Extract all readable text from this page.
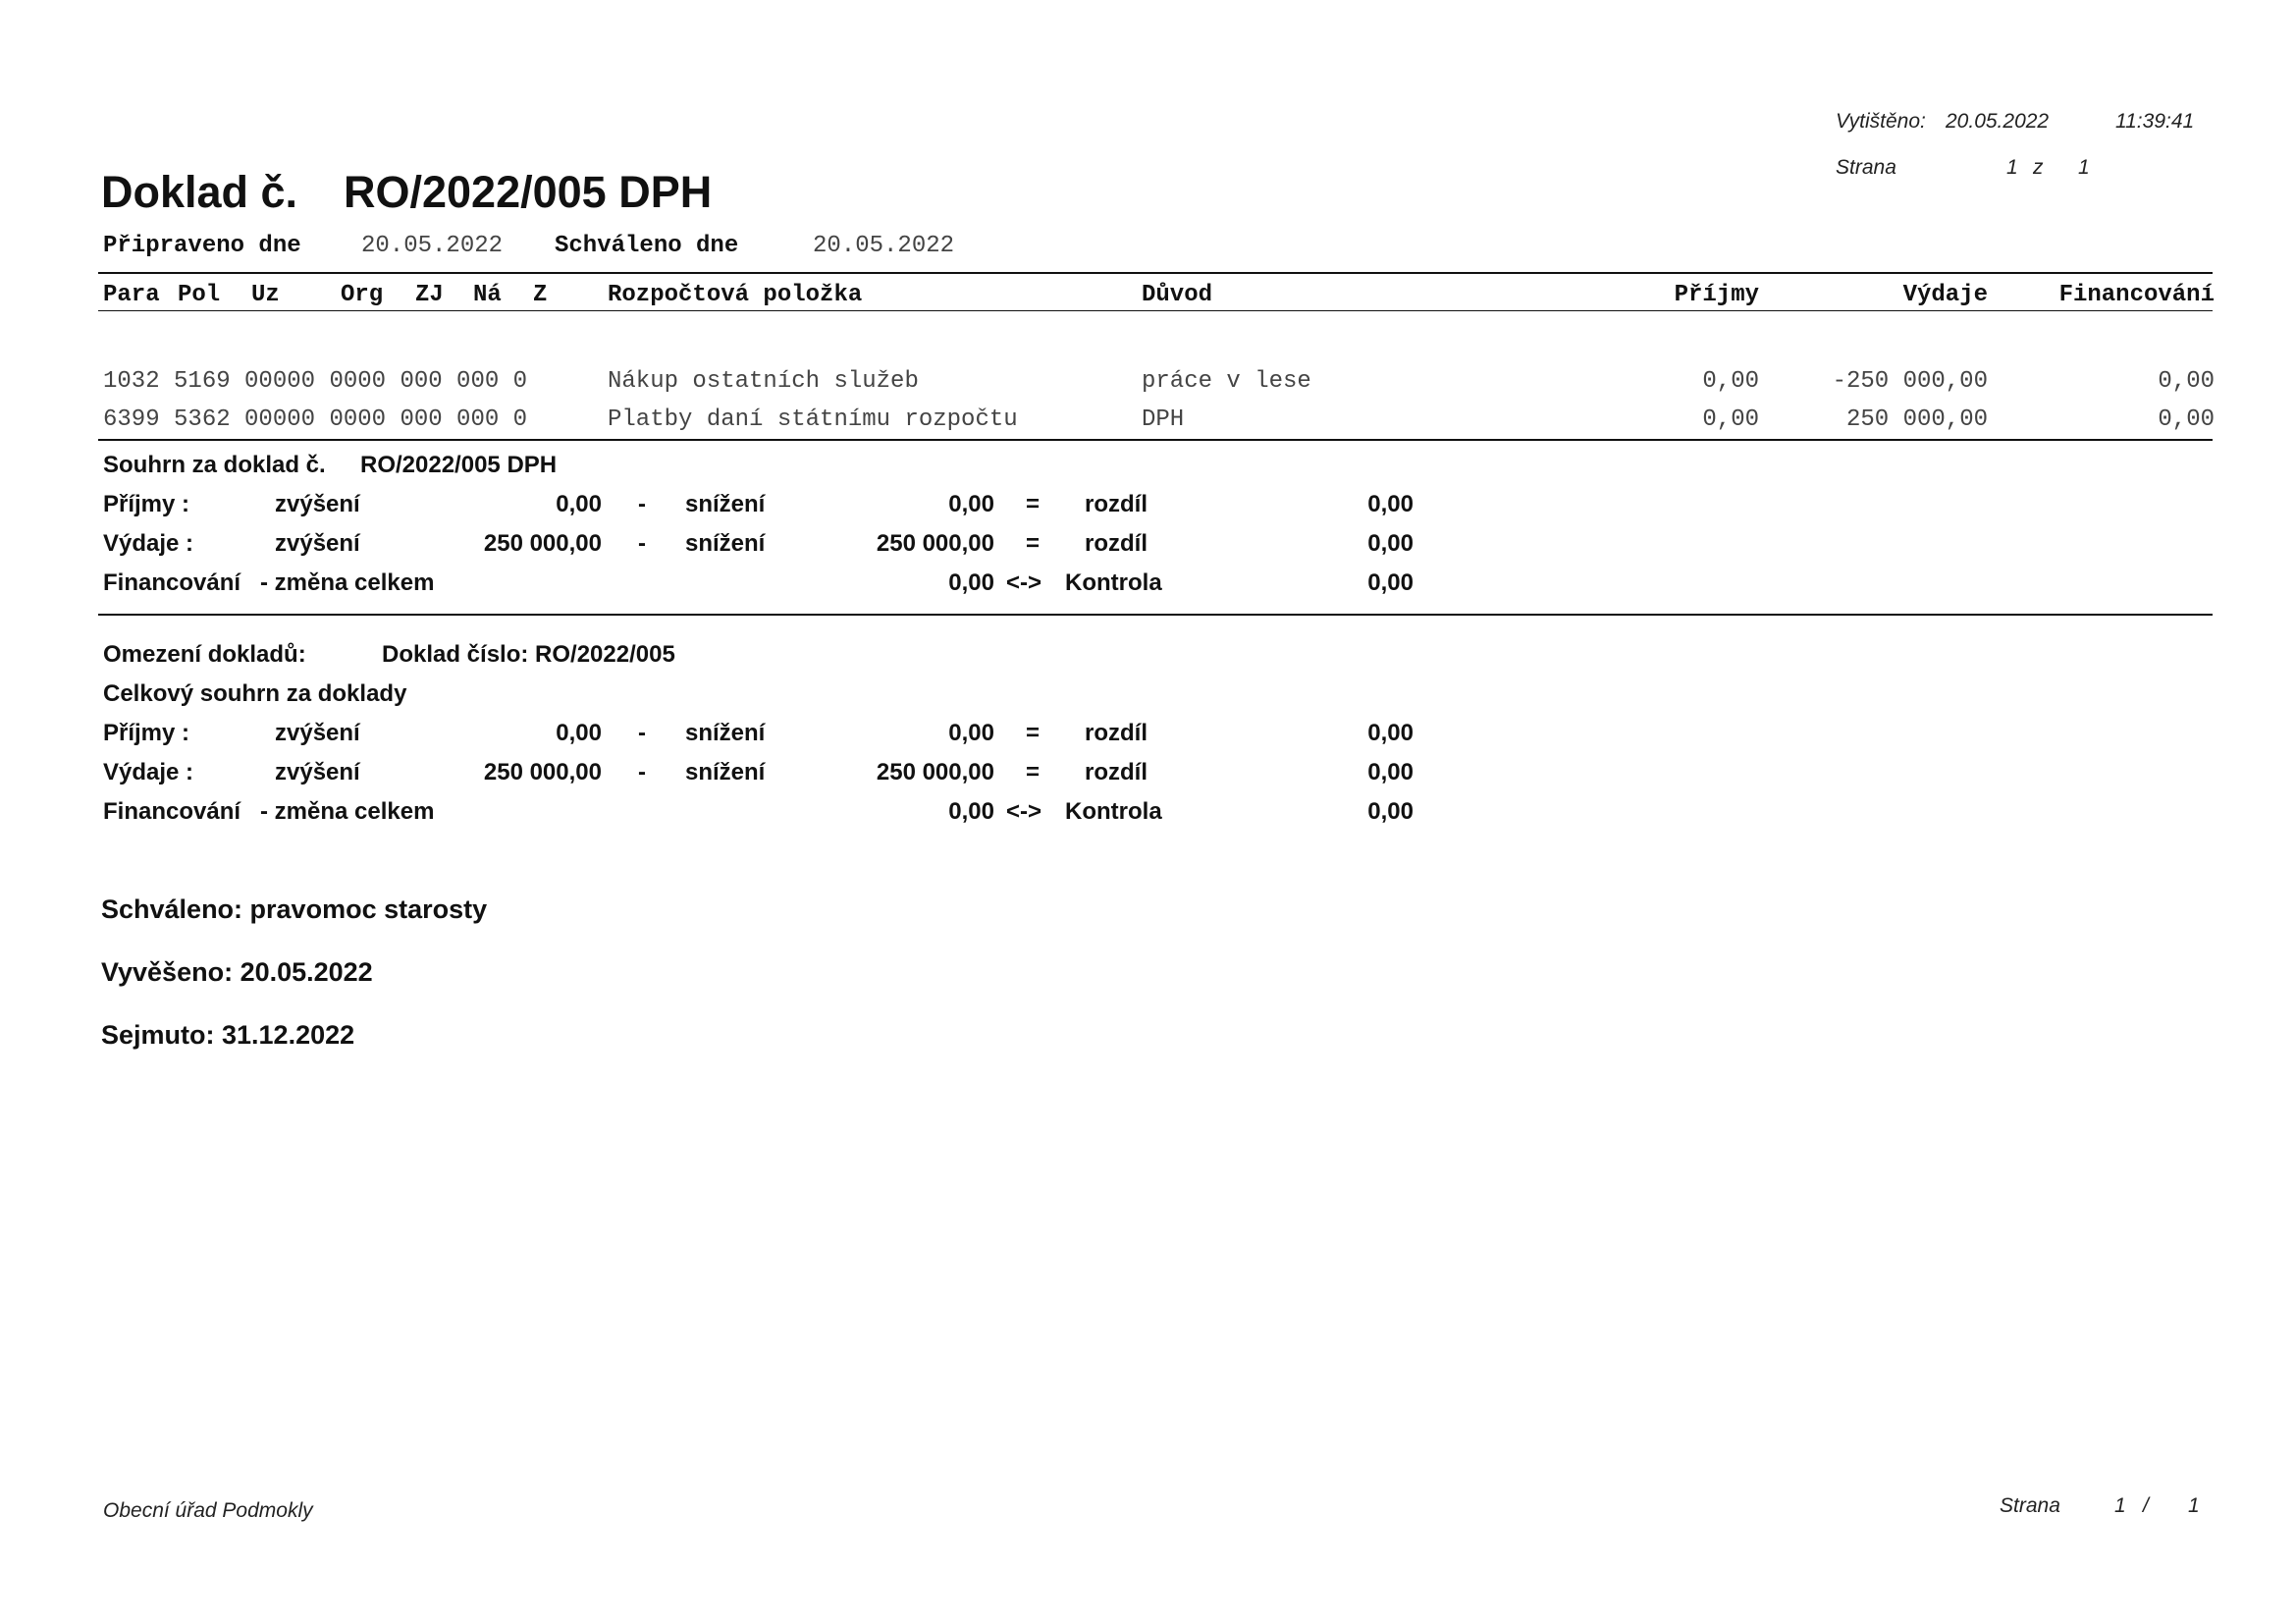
Vytištěno: 20.05.2022	11:39:41
Strana	1 z 1
Doklad č. RO/2022/005 DPH
Připraveno dne	20.05.2022 Schváleno dne	20.05.2022
Para Pol Uz	Org ZJ Ná Z	Rozpočtová položka	Důvod	Příjmy	Výdaje	Financování
1032 5169 00000 0000 000 000 0	Nákup ostatních služeb	práce v lese	0,00	-250 000,00	0,00
6399 5362 00000 0000 000 000 0	Platby daní státnímu rozpočtu	DPH	0,00	250 000,00	0,00
Souhrn za doklad č. RO/2022/005 DPH
Příjmy :	zvýšení	0,00 - snížení	0,00 = rozdíl	0,00
Výdaje :	zvýšení	250 000,00 - snížení	250 000,00 = rozdíl	0,00
Financování - změna celkem	0,00 <-> Kontrola	0,00
Omezení dokladů:	Doklad číslo: RO/2022/005
Celkový souhrn za doklady
Příjmy :	zvýšení	0,00 - snížení	0,00 = rozdíl	0,00
Výdaje :	zvýšení	250 000,00 - snížení	250 000,00 = rozdíl	0,00
Financování - změna celkem	0,00 <-> Kontrola	0,00
Schváleno: pravomoc starosty
Vyvěšeno: 20.05.2022
Sejmuto: 31.12.2022
Obecní úřad Podmokly	Strana	1 / 1
